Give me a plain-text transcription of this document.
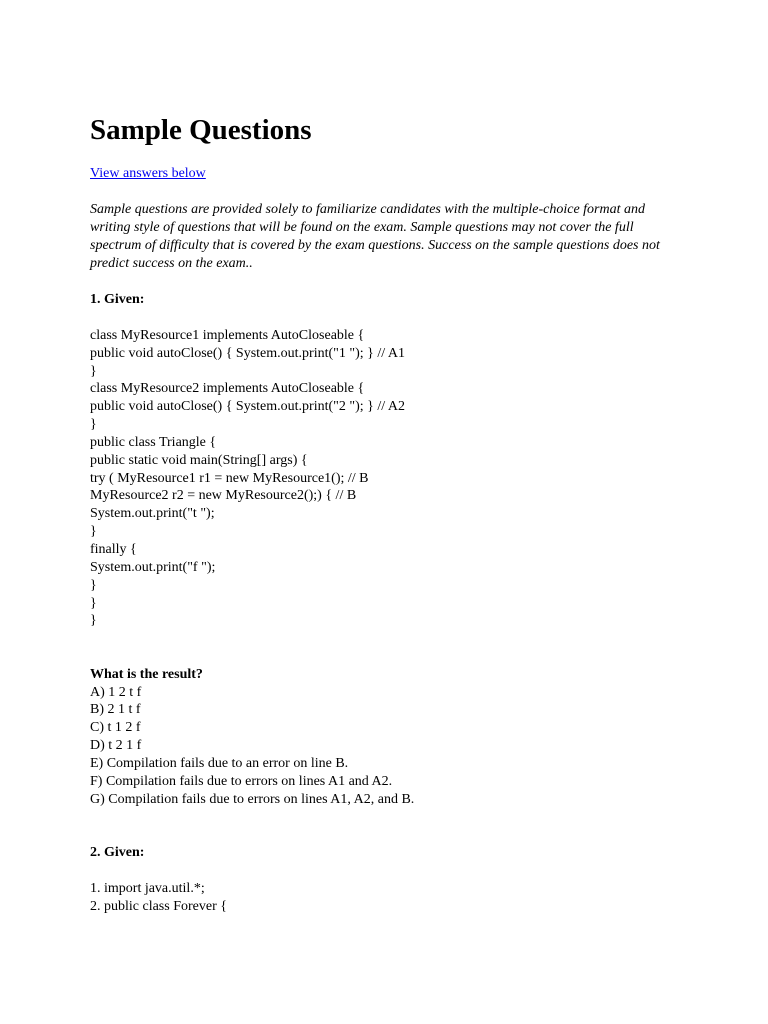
Sample Questions
View answers below

Sample questions are provided solely to familiarize candidates with the multiple-choice format and writing style of questions that will be found on the exam. Sample questions may not cover the full spectrum of difficulty that is covered by the exam questions. Success on the sample questions does not predict success on the exam..

1. Given:
class MyResource1 implements AutoCloseable {
public void autoClose() { System.out.print("1 "); } // A1
}
class MyResource2 implements AutoCloseable {
public void autoClose() { System.out.print("2 "); } // A2
}
public class Triangle {
public static void main(String[] args) {
try ( MyResource1 r1 = new MyResource1(); // B
MyResource2 r2 = new MyResource2();) { // B
System.out.print("t ");
}
finally {
System.out.print("f ");
}
}
}
What is the result?
A) 1 2 t f
B) 2 1 t f
C) t 1 2 f
D) t 2 1 f
E) Compilation fails due to an error on line B.
F) Compilation fails due to errors on lines A1 and A2.
G) Compilation fails due to errors on lines A1, A2, and B.
2. Given:
1. import java.util.*;
2. public class Forever {
